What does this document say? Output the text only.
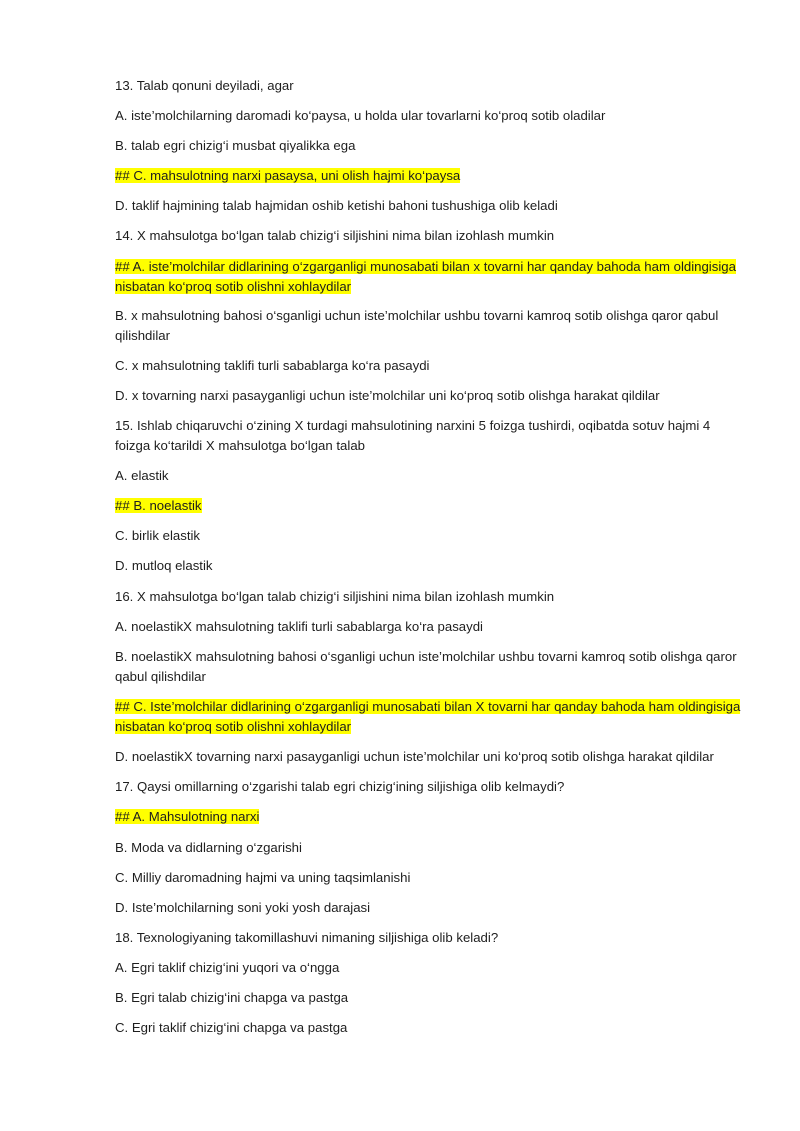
13. Talab qonuni deyiladi, agar
A. iste’molchilarning daromadi ko‘paysa, u holda ular tovarlarni ko‘proq sotib oladilar
B. talab egri chizig‘i musbat qiyalikka ega
## C. mahsulotning narxi pasaysa, uni olish hajmi ko‘paysa
D. taklif hajmining talab hajmidan oshib ketishi bahoni tushushiga olib keladi
14. X mahsulotga bo‘lgan talab chizig‘i siljishini nima bilan izohlash mumkin
## A. iste’molchilar didlarining o‘zgarganligi munosabati bilan x tovarni har qanday bahoda ham oldingisiga nisbatan ko‘proq sotib olishni xohlaydilar
B. x mahsulotning bahosi o‘sganligi uchun iste’molchilar ushbu tovarni kamroq sotib olishga qaror qabul qilishdilar
C. x mahsulotning taklifi turli sabablarga ko‘ra pasaydi
D. x tovarning narxi pasayganligi uchun iste’molchilar uni ko‘proq sotib olishga harakat qildilar
15. Ishlab chiqaruvchi o‘zining X turdagi mahsulotining narxini 5 foizga tushirdi, oqibatda sotuv hajmi 4 foizga ko‘tarildi X mahsulotga bo‘lgan talab
A. elastik
## B. noelastik
C. birlik elastik
D. mutloq elastik
16. X mahsulotga bo‘lgan talab chizig‘i siljishini nima bilan izohlash mumkin
A. noelastikX mahsulotning taklifi turli sabablarga ko‘ra pasaydi
B. noelastikX mahsulotning bahosi o‘sganligi uchun iste’molchilar ushbu tovarni kamroq sotib olishga qaror qabul qilishdilar
## C. Iste’molchilar didlarining o‘zgarganligi munosabati bilan X tovarni har qanday bahoda ham oldingisiga nisbatan ko‘proq sotib olishni xohlaydilar
D. noelastikX tovarning narxi pasayganligi uchun iste’molchilar uni ko‘proq sotib olishga harakat qildilar
17. Qaysi omillarning o‘zgarishi talab egri chizig‘ining siljishiga olib kelmaydi?
## A. Mahsulotning narxi
B. Moda va didlarning o‘zgarishi
C. Milliy daromadning hajmi va uning taqsimlanishi
D. Iste’molchilarning soni yoki yosh darajasi
18. Texnologiyaning takomillashuvi nimaning siljishiga olib keladi?
A. Egri taklif chizig‘ini yuqori va o‘ngga
B. Egri talab chizig‘ini chapga va pastga
C. Egri taklif chizig‘ini chapga va pastga
